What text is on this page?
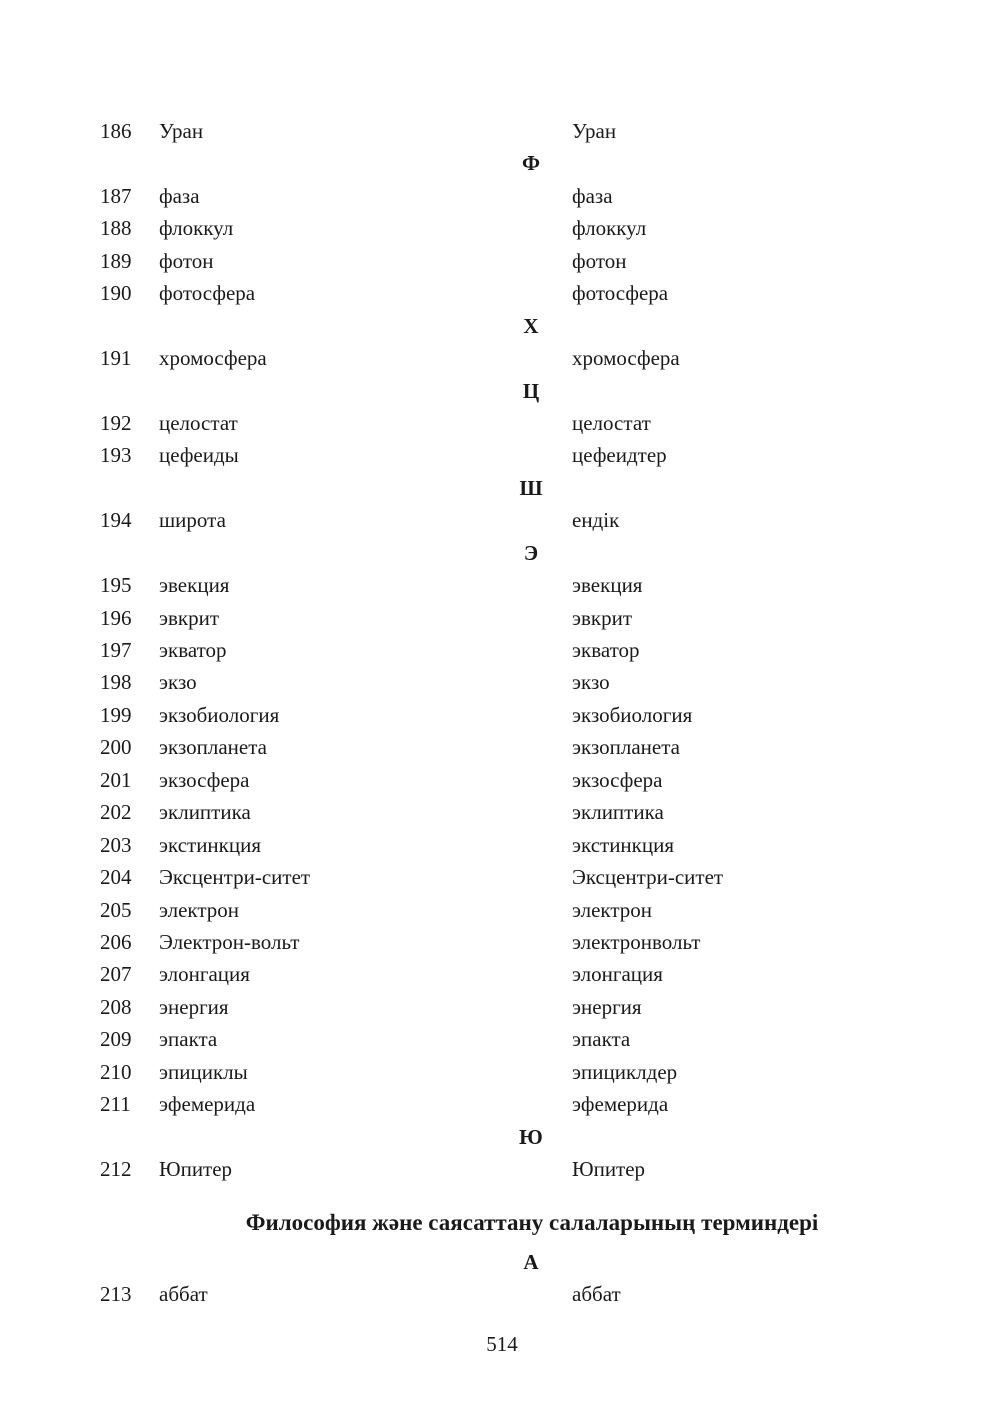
186 Уран	Уран
Ф
187 фаза	фаза
188 флоккул	флоккул
189 фотон	фотон
190 фотосфера	фотосфера
Х
191 хромосфера	хромосфера
Ц
192 целостат	целостат
193 цефеиды	цефеидтер
Ш
194 широта	ендік
Э
195 эвекция	эвекция
196 эвкрит	эвкрит
197 экватор	экватор
198 экзо	экзо
199 экзобиология	экзобиология
200 экзопланета	экзопланета
201 экзосфера	экзосфера
202 эклиптика	эклиптика
203 экстинкция	экстинкция
204 Эксцентри-ситет	Эксцентри-ситет
205 электрон	электрон
206 Электрон-вольт	электронвольт
207 элонгация	элонгация
208 энергия	энергия
209 эпакта	эпакта
210 эпициклы	эпициклдер
211 эфемерида	эфемерида
Ю
212 Юпитер	Юпитер
Философия және саясаттану салаларының терминдері
А
213 аббат	аббат
514
